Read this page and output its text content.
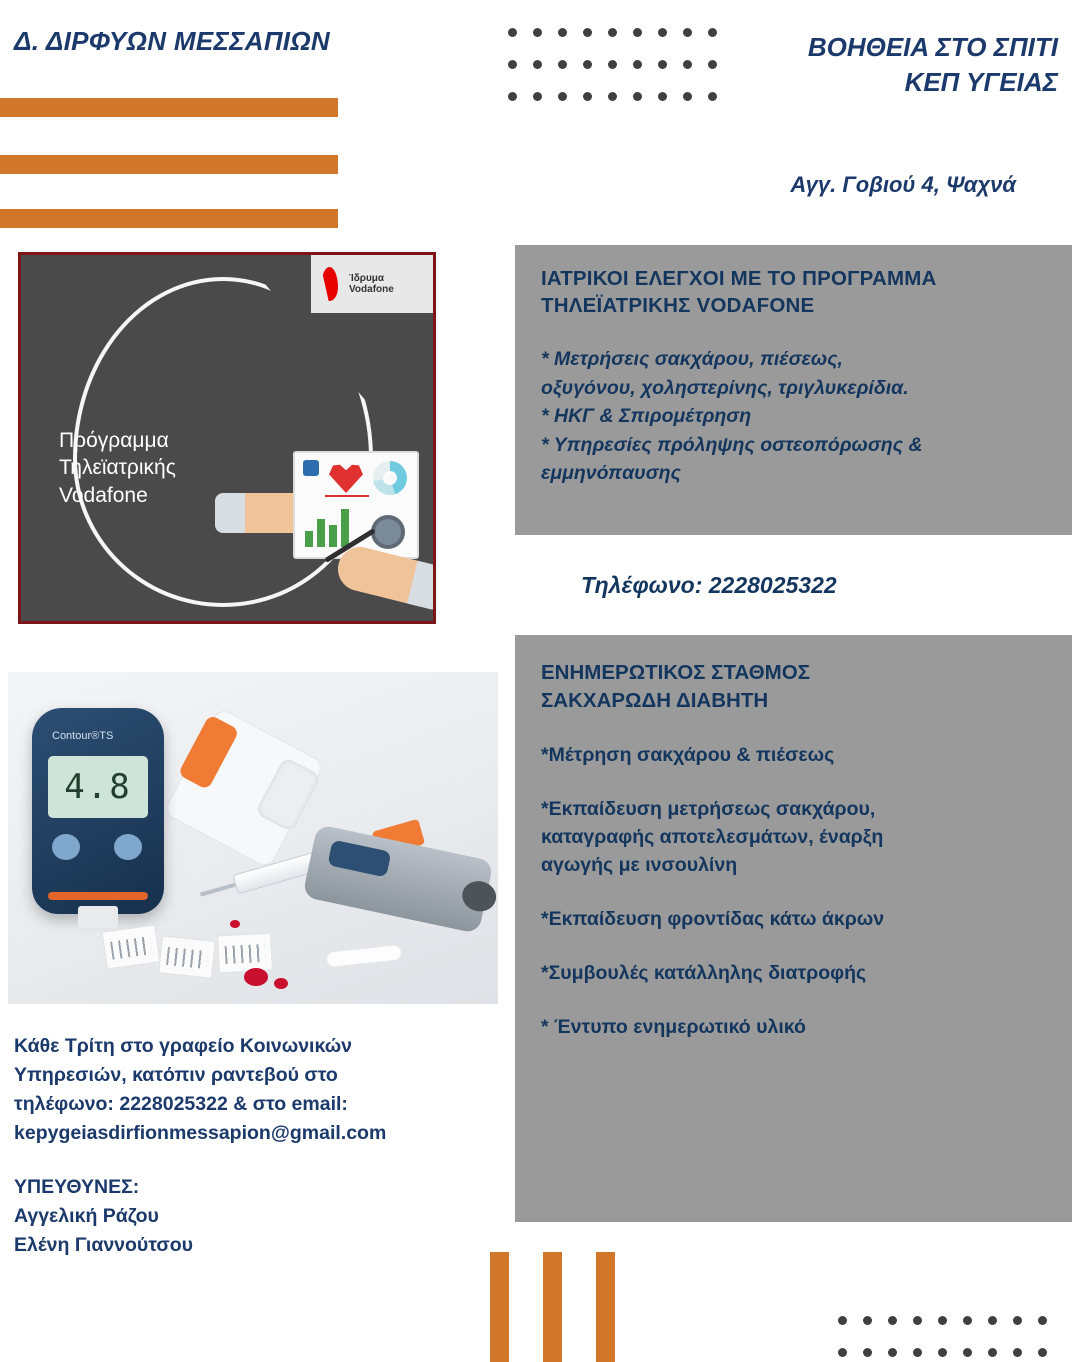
Δ. ΔΙΡΦΥΩΝ ΜΕΣΣΑΠΙΩΝ	ΒΟΗΘΕΙΑ ΣΤΟ ΣΠΙΤΙ
ΚΕΠ ΥΓΕΙΑΣ
Αγγ. Γοβιού 4, Ψαχνά
Ίδρυμα
Vodafone
Πρόγραμμα
Τηλεϊατρικής
Vodafone
Contour®TS
4.8
Κάθε Τρίτη στο γραφείο Κοινωνικών
Υπηρεσιών, κατόπιν ραντεβού στο
τηλέφωνο: 2228025322 & στο email:
kepygeiasdirfionmessapion@gmail.com
ΥΠΕΥΘΥΝΕΣ:
Αγγελική Ράζου
Ελένη Γιαννούτσου
ΙΑΤΡΙΚΟΙ ΕΛΕΓΧΟΙ ΜΕ ΤΟ ΠΡΟΓΡΑΜΜΑ
ΤΗΛΕΪΑΤΡΙΚΗΣ VODAFONE
* Μετρήσεις σακχάρου, πιέσεως,
οξυγόνου, χοληστερίνης, τριγλυκερίδια.
* ΗΚΓ & Σπιρομέτρηση
* Υπηρεσίες πρόληψης οστεοπόρωσης &
εμμηνόπαυσης
Τηλέφωνο: 2228025322
ΕΝΗΜΕΡΩΤΙΚΟΣ ΣΤΑΘΜΟΣ
ΣΑΚΧΑΡΩΔΗ ΔΙΑΒΗΤΗ
*Μέτρηση σακχάρου & πιέσεως
*Εκπαίδευση μετρήσεως σακχάρου,
καταγραφής αποτελεσμάτων, έναρξη
αγωγής με ινσουλίνη
*Εκπαίδευση φροντίδας κάτω άκρων
*Συμβουλές κατάλληλης διατροφής
* Έντυπο ενημερωτικό υλικό
